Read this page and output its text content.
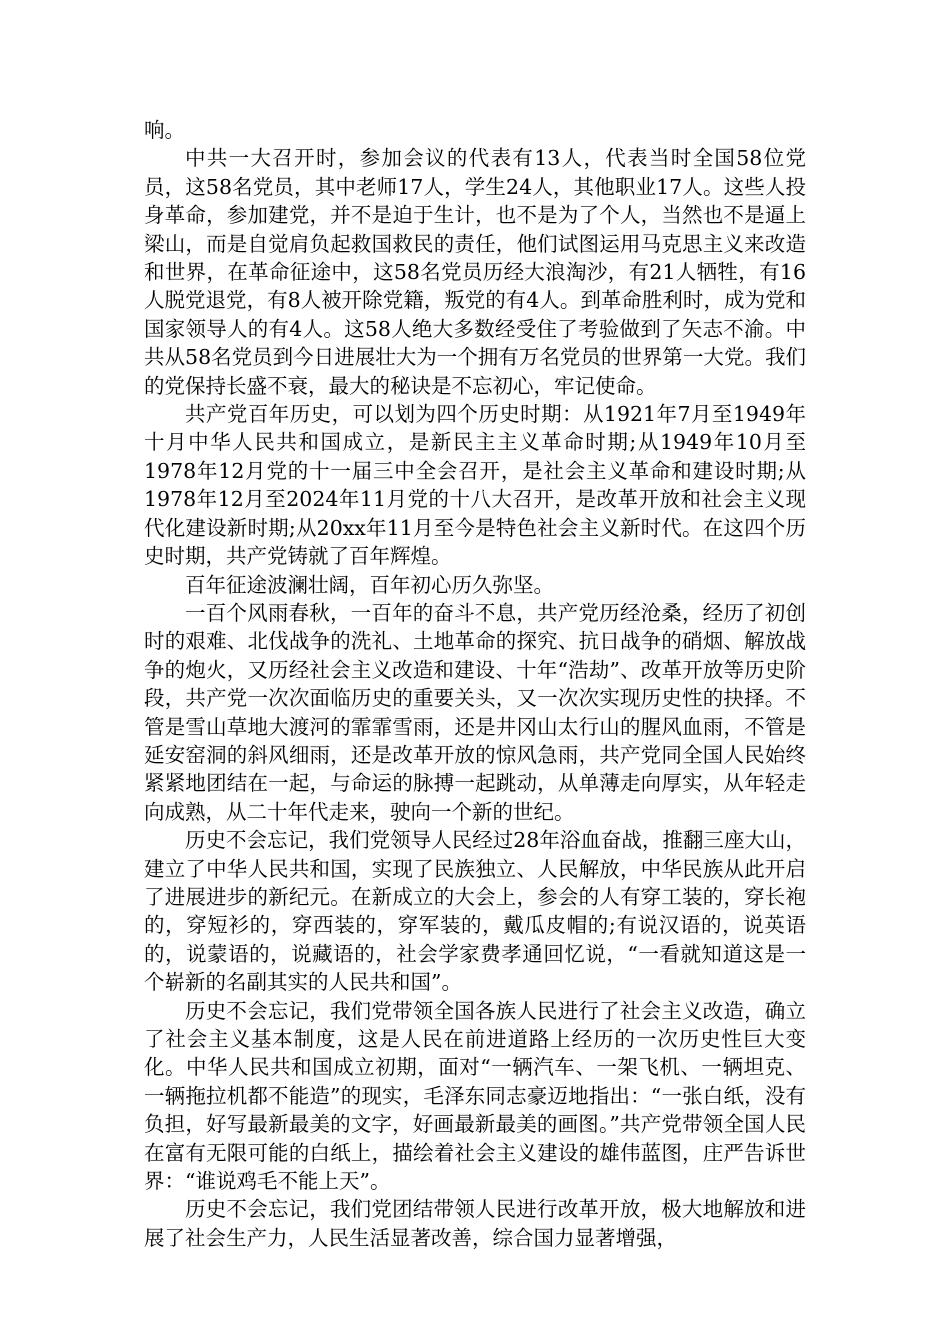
响。

中共一大召开时，参加会议的代表有13人，代表当时全国58位党员，这58名党员，其中老师17人，学生24人，其他职业17人。这些人投身革命，参加建党，并不是迫于生计，也不是为了个人，当然也不是逼上梁山，而是自觉肩负起救国救民的责任，他们试图运用马克思主义来改造和世界，在革命征途中，这58名党员历经大浪淘沙，有21人牺牲，有16人脱党退党，有8人被开除党籍，叛党的有4人。到革命胜利时，成为党和国家领导人的有4人。这58人绝大多数经受住了考验做到了矢志不渝。中共从58名党员到今日进展壮大为一个拥有万名党员的世界第一大党。我们的党保持长盛不衰，最大的秘诀是不忘初心，牢记使命。

共产党百年历史，可以划为四个历史时期：从1921年7月至1949年十月中华人民共和国成立，是新民主主义革命时期;从1949年10月至1978年12月党的十一届三中全会召开，是社会主义革命和建设时期;从1978年12月至2024年11月党的十八大召开，是改革开放和社会主义现代化建设新时期;从20xx年11月至今是特色社会主义新时代。在这四个历史时期，共产党铸就了百年辉煌。

百年征途波澜壮阔，百年初心历久弥坚。

一百个风雨春秋，一百年的奋斗不息，共产党历经沧桑，经历了初创时的艰难、北伐战争的洗礼、土地革命的探究、抗日战争的硝烟、解放战争的炮火，又历经社会主义改造和建设、十年“浩劫”、改革开放等历史阶段，共产党一次次面临历史的重要关头，又一次次实现历史性的抉择。不管是雪山草地大渡河的霏霏雪雨，还是井冈山太行山的腥风血雨，不管是延安窑洞的斜风细雨，还是改革开放的惊风急雨，共产党同全国人民始终紧紧地团结在一起，与命运的脉搏一起跳动，从单薄走向厚实，从年轻走向成熟，从二十年代走来，驶向一个新的世纪。

历史不会忘记，我们党领导人民经过28年浴血奋战，推翻三座大山，建立了中华人民共和国，实现了民族独立、人民解放，中华民族从此开启了进展进步的新纪元。在新成立的大会上，参会的人有穿工装的，穿长袍的，穿短衫的，穿西装的，穿军装的，戴瓜皮帽的;有说汉语的，说英语的，说蒙语的，说藏语的，社会学家费孝通回忆说，“一看就知道这是一个崭新的名副其实的人民共和国”。

历史不会忘记，我们党带领全国各族人民进行了社会主义改造，确立了社会主义基本制度，这是人民在前进道路上经历的一次历史性巨大变化。中华人民共和国成立初期，面对“一辆汽车、一架飞机、一辆坦克、一辆拖拉机都不能造”的现实，毛泽东同志豪迈地指出：“一张白纸，没有负担，好写最新最美的文字，好画最新最美的画图。”共产党带领全国人民在富有无限可能的白纸上，描绘着社会主义建设的雄伟蓝图，庄严告诉世界：“谁说鸡毛不能上天”。

历史不会忘记，我们党团结带领人民进行改革开放，极大地解放和进展了社会生产力，人民生活显著改善，综合国力显著增强，
